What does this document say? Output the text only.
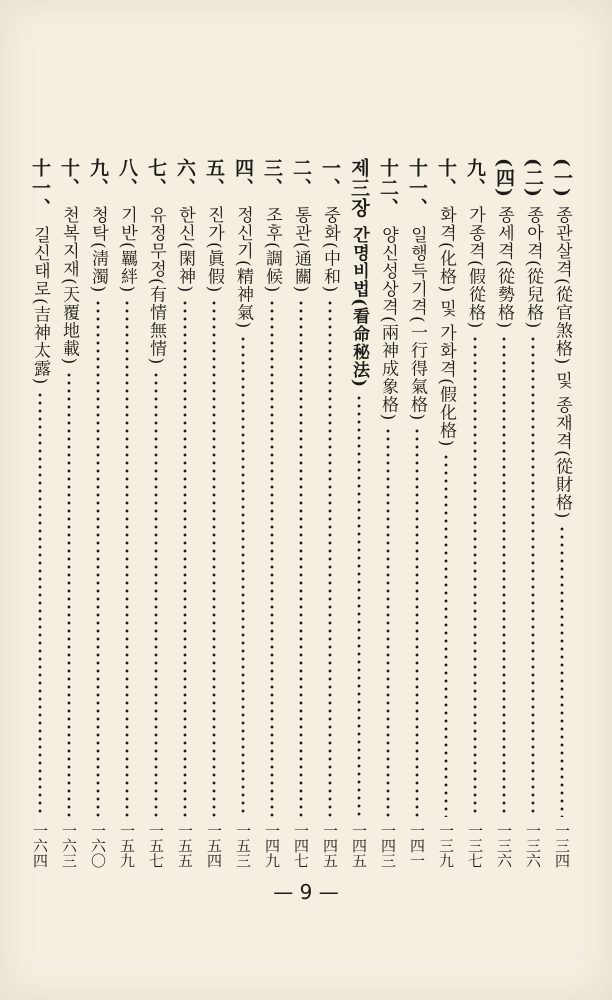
(一)
종관살격(從官煞格) 및 종재격(從財格)
一三四
(二)
종아격(從兒格)
一三六
(四)
종세격(從勢格)
一三六
九、
가종격(假從格)
一三七
十、
화격(化格) 및 가화격(假化格)
一三九
十一、
일행득기격(一行得氣格)
一四一
十二、
양신성상격(兩神成象格)
一四三
제三장
간명비법(看命秘法)
一四五
一、
중화(中和)
一四五
二、
통관(通關)
一四七
三、
조후(調候)
一四九
四、
정신기(精神氣)
一五三
五、
진가(眞假)
一五四
六、
한신(閑神)
一五五
七、
유정무정(有情無情)
一五七
八、
기반(羈絆)
一五九
九、
청탁(淸濁)
一六〇
十、
천복지재(天覆地載)
一六三
十一、
길신태로(吉神太露)
一六四
— 9 —
